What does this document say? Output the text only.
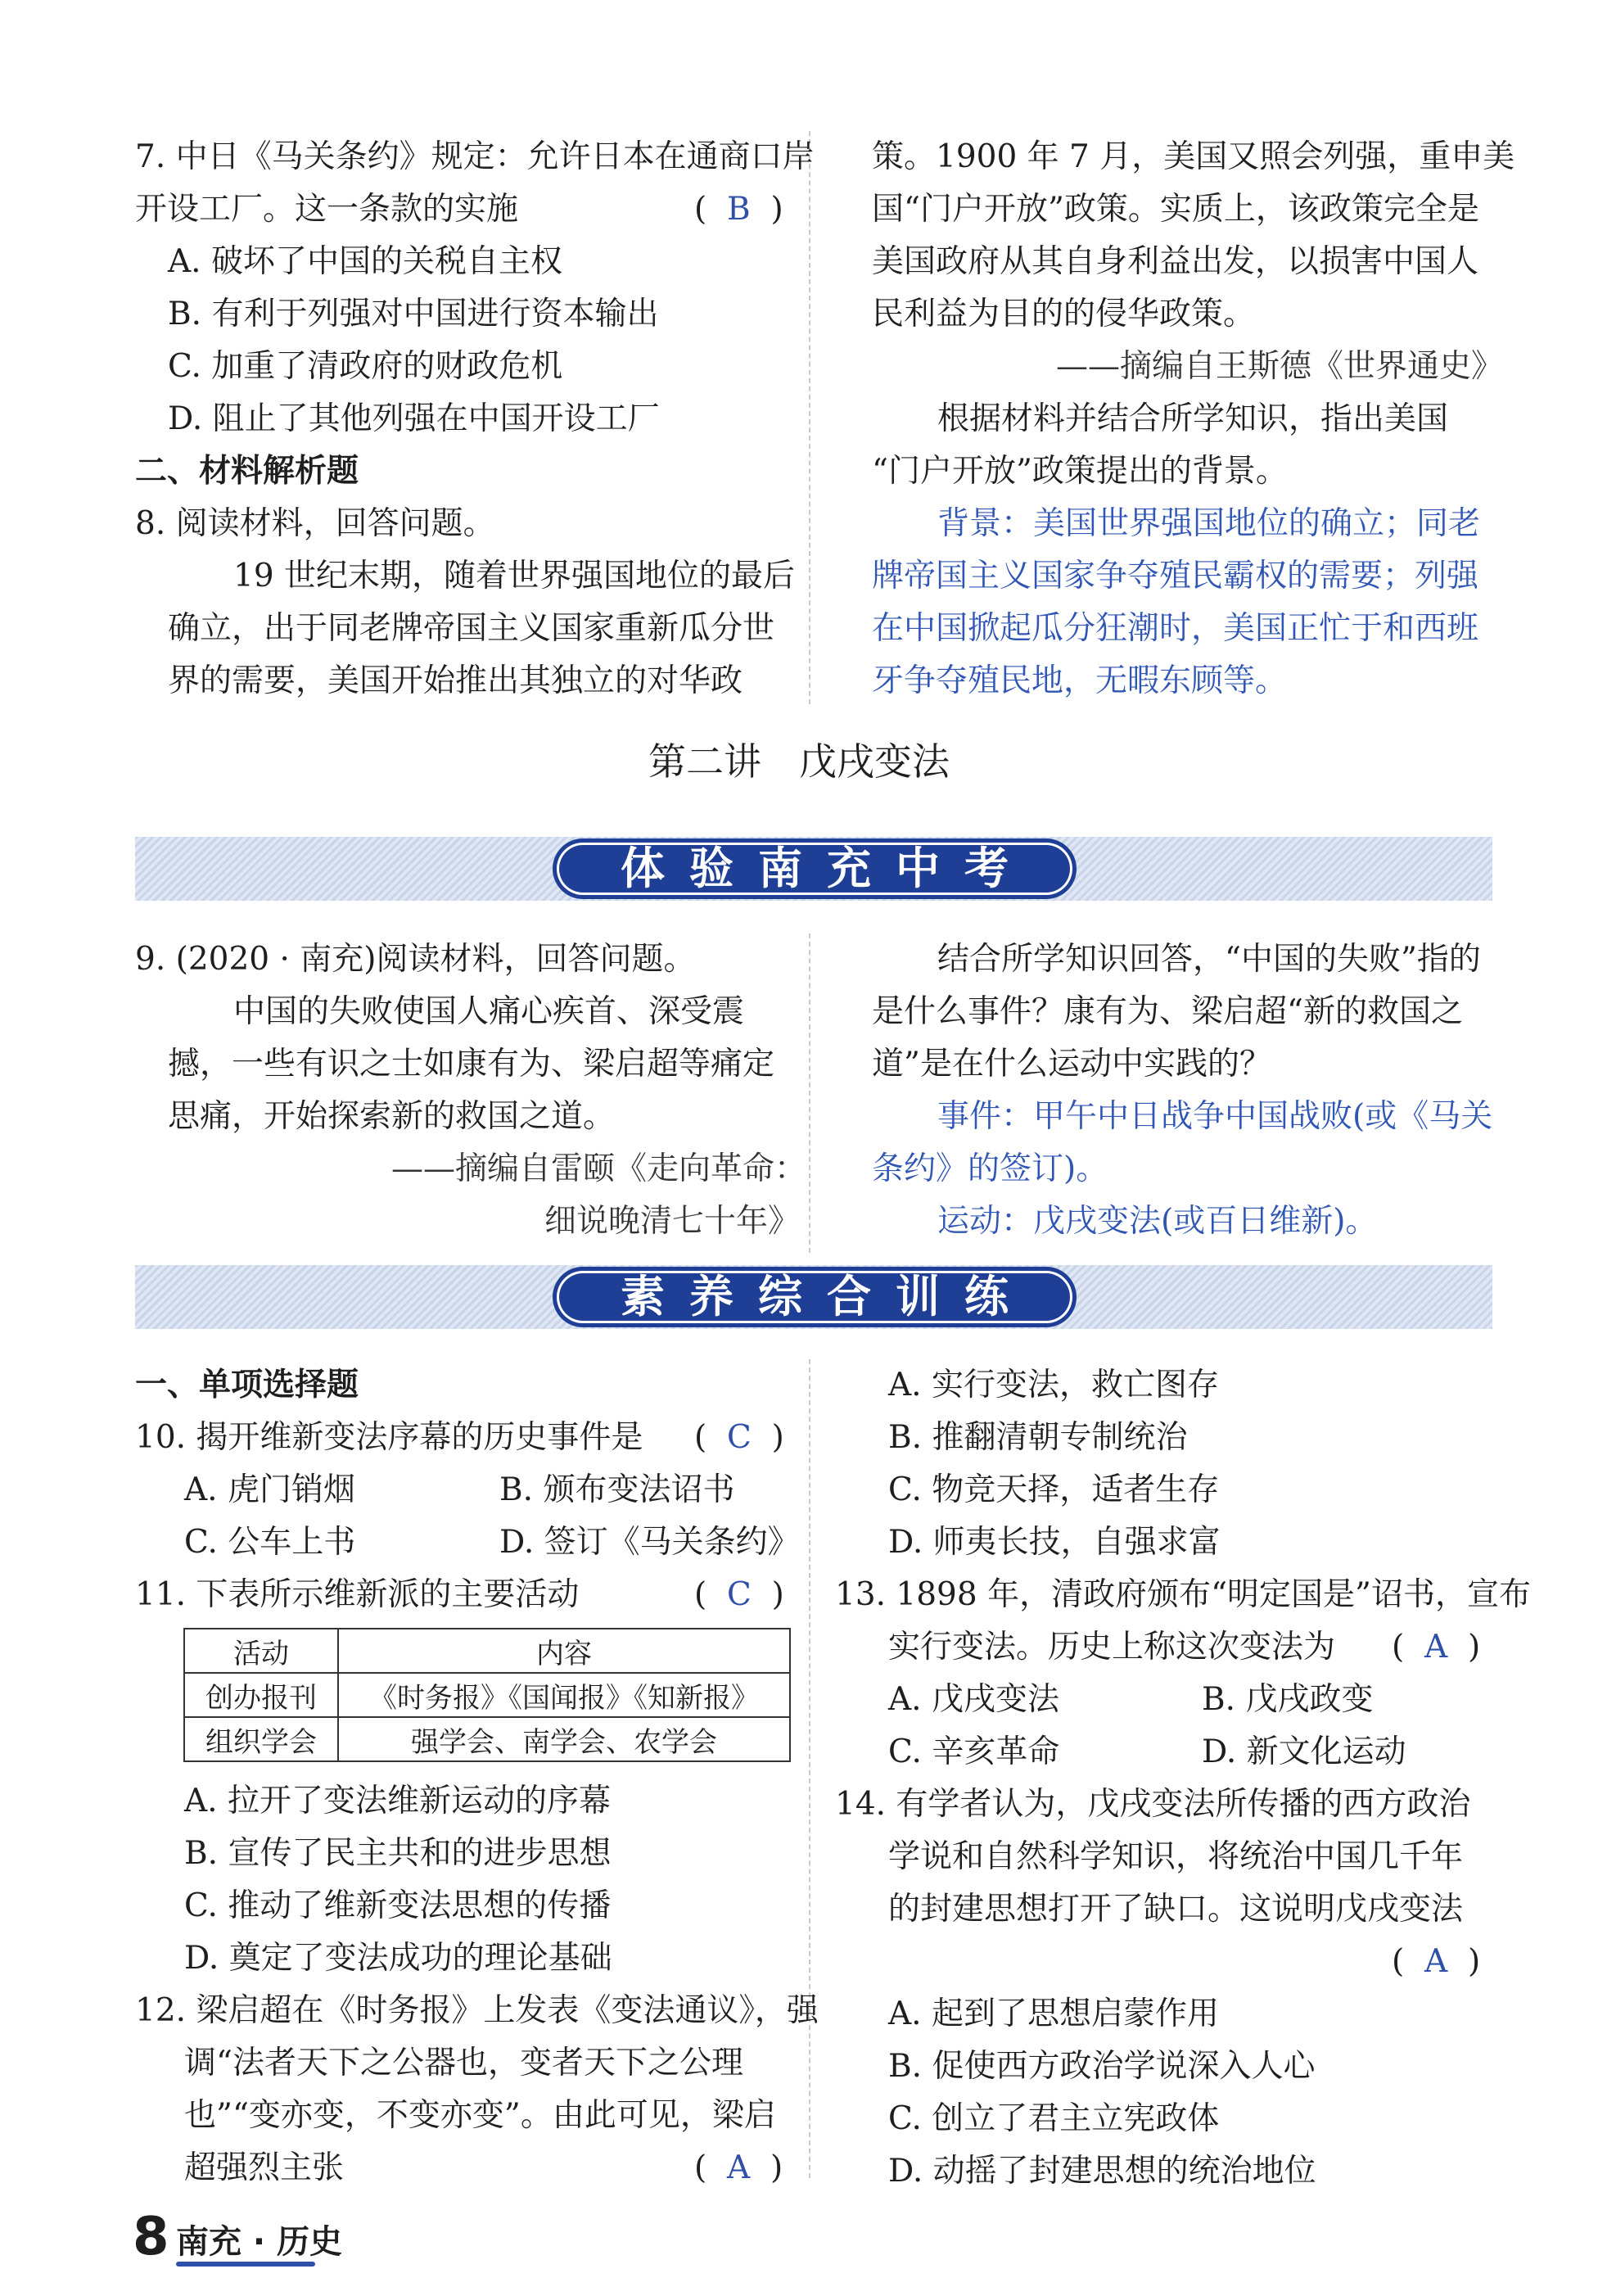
7. 中日《马关条约》规定：允许日本在通商口岸
开设工厂。这一条款的实施	(  B  )
A. 破坏了中国的关税自主权
B. 有利于列强对中国进行资本输出
C. 加重了清政府的财政危机
D. 阻止了其他列强在中国开设工厂
二、材料解析题
8. 阅读材料，回答问题。
19 世纪末期，随着世界强国地位的最后
确立，出于同老牌帝国主义国家重新瓜分世
界的需要，美国开始推出其独立的对华政
策。1900 年 7 月，美国又照会列强，重申美
国“门户开放”政策。实质上，该政策完全是
美国政府从其自身利益出发，以损害中国人
民利益为目的的侵华政策。
——摘编自王斯德《世界通史》
根据材料并结合所学知识，指出美国
“门户开放”政策提出的背景。
背景：美国世界强国地位的确立；同老
牌帝国主义国家争夺殖民霸权的需要；列强
在中国掀起瓜分狂潮时，美国正忙于和西班
牙争夺殖民地，无暇东顾等。
第二讲　戊戌变法
体验南充中考
9. (2020 · 南充)阅读材料，回答问题。
中国的失败使国人痛心疾首、深受震
撼，一些有识之士如康有为、梁启超等痛定
思痛，开始探索新的救国之道。
——摘编自雷颐《走向革命：
细说晚清七十年》
结合所学知识回答，“中国的失败”指的
是什么事件？康有为、梁启超“新的救国之
道”是在什么运动中实践的？
事件：甲午中日战争中国战败(或《马关
条约》的签订)。
运动：戊戌变法(或百日维新)。
素养综合训练
一、单项选择题
10. 揭开维新变法序幕的历史事件是 (  C  )
A. 虎门销烟	B. 颁布变法诏书
C. 公车上书	D. 签订《马关条约》
11. 下表所示维新派的主要活动	(  C  )
活动	内容
创办报刊	《时务报》《国闻报》《知新报》
组织学会	强学会、南学会、农学会
A. 拉开了变法维新运动的序幕
B. 宣传了民主共和的进步思想
C. 推动了维新变法思想的传播
D. 奠定了变法成功的理论基础
12. 梁启超在《时务报》上发表《变法通议》，强
调“法者天下之公器也，变者天下之公理
也”“变亦变，不变亦变”。由此可见，梁启
超强烈主张	(  A  )
A. 实行变法，救亡图存
B. 推翻清朝专制统治
C. 物竞天择，适者生存
D. 师夷长技，自强求富
13. 1898 年，清政府颁布“明定国是”诏书，宣布
实行变法。历史上称这次变法为 (  A  )
A. 戊戌变法	B. 戊戌政变
C. 辛亥革命	D. 新文化运动
14. 有学者认为，戊戌变法所传播的西方政治
学说和自然科学知识，将统治中国几千年
的封建思想打开了缺口。这说明戊戌变法
(  A  )
A. 起到了思想启蒙作用
B. 促使西方政治学说深入人心
C. 创立了君主立宪政体
D. 动摇了封建思想的统治地位
8 南充 · 历史
